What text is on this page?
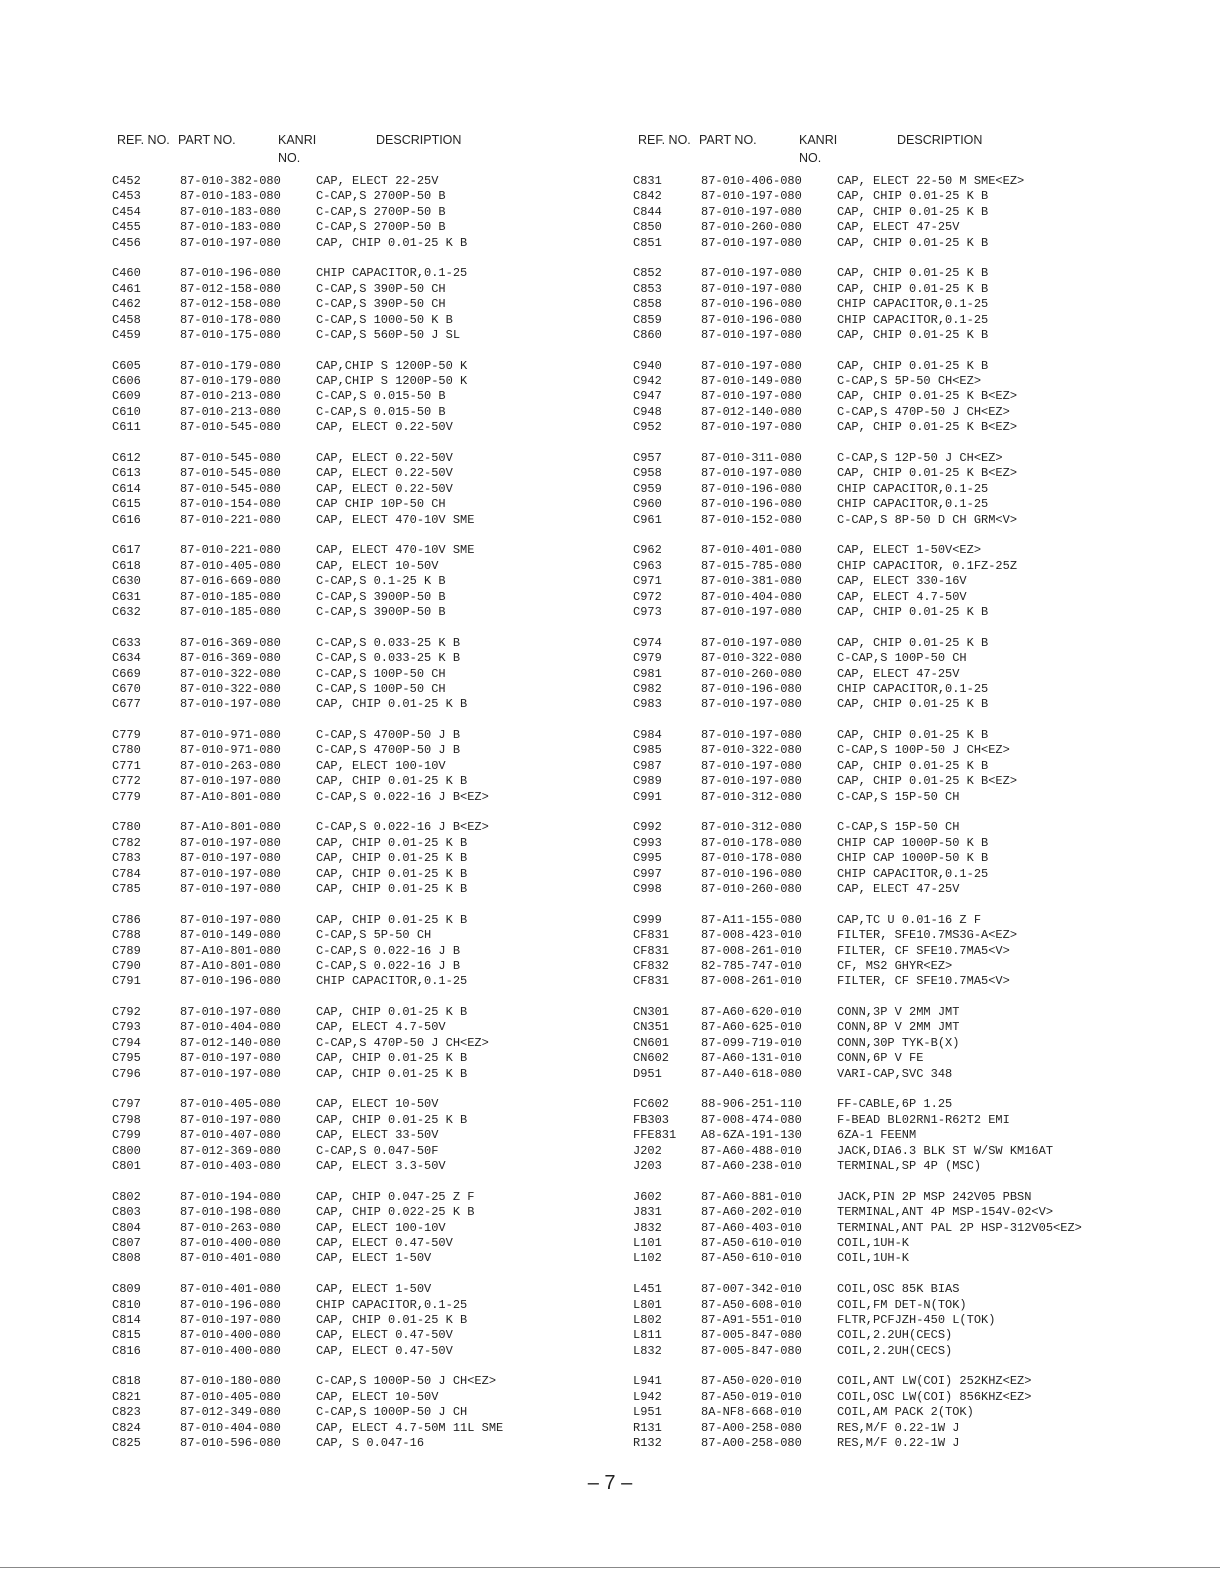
REF. NO. PART NO.	KANRI
NO.
DESCRIPTION
C452	87-010-382-080	CAP, ELECT 22-25V
C453	87-010-183-080	C-CAP,S 2700P-50 B
C454	87-010-183-080	C-CAP,S 2700P-50 B
C455	87-010-183-080	C-CAP,S 2700P-50 B
C456	87-010-197-080	CAP, CHIP 0.01-25 K B
C460	87-010-196-080	CHIP CAPACITOR,0.1-25
C461	87-012-158-080	C-CAP,S 390P-50 CH
C462	87-012-158-080	C-CAP,S 390P-50 CH
C458	87-010-178-080	C-CAP,S 1000-50 K B
C459	87-010-175-080	C-CAP,S 560P-50 J SL
C605	87-010-179-080	CAP,CHIP S 1200P-50 K
C606	87-010-179-080	CAP,CHIP S 1200P-50 K
C609	87-010-213-080	C-CAP,S 0.015-50 B
C610	87-010-213-080	C-CAP,S 0.015-50 B
C611	87-010-545-080	CAP, ELECT 0.22-50V
C612	87-010-545-080	CAP, ELECT 0.22-50V
C613	87-010-545-080	CAP, ELECT 0.22-50V
C614	87-010-545-080	CAP, ELECT 0.22-50V
C615	87-010-154-080	CAP CHIP 10P-50 CH
C616	87-010-221-080	CAP, ELECT 470-10V SME
C617	87-010-221-080	CAP, ELECT 470-10V SME
C618	87-010-405-080	CAP, ELECT 10-50V
C630	87-016-669-080	C-CAP,S 0.1-25 K B
C631	87-010-185-080	C-CAP,S 3900P-50 B
C632	87-010-185-080	C-CAP,S 3900P-50 B
C633	87-016-369-080	C-CAP,S 0.033-25 K B
C634	87-016-369-080	C-CAP,S 0.033-25 K B
C669	87-010-322-080	C-CAP,S 100P-50 CH
C670	87-010-322-080	C-CAP,S 100P-50 CH
C677	87-010-197-080	CAP, CHIP 0.01-25 K B
C779	87-010-971-080	C-CAP,S 4700P-50 J B
C780	87-010-971-080	C-CAP,S 4700P-50 J B
C771	87-010-263-080	CAP, ELECT 100-10V
C772	87-010-197-080	CAP, CHIP 0.01-25 K B
C779	87-A10-801-080	C-CAP,S 0.022-16 J B<EZ>
C780	87-A10-801-080	C-CAP,S 0.022-16 J B<EZ>
C782	87-010-197-080	CAP, CHIP 0.01-25 K B
C783	87-010-197-080	CAP, CHIP 0.01-25 K B
C784	87-010-197-080	CAP, CHIP 0.01-25 K B
C785	87-010-197-080	CAP, CHIP 0.01-25 K B
C786	87-010-197-080	CAP, CHIP 0.01-25 K B
C788	87-010-149-080	C-CAP,S 5P-50 CH
C789	87-A10-801-080	C-CAP,S 0.022-16 J B
C790	87-A10-801-080	C-CAP,S 0.022-16 J B
C791	87-010-196-080	CHIP CAPACITOR,0.1-25
C792	87-010-197-080	CAP, CHIP 0.01-25 K B
C793	87-010-404-080	CAP, ELECT 4.7-50V
C794	87-012-140-080	C-CAP,S 470P-50 J CH<EZ>
C795	87-010-197-080	CAP, CHIP 0.01-25 K B
C796	87-010-197-080	CAP, CHIP 0.01-25 K B
C797	87-010-405-080	CAP, ELECT 10-50V
C798	87-010-197-080	CAP, CHIP 0.01-25 K B
C799	87-010-407-080	CAP, ELECT 33-50V
C800	87-012-369-080	C-CAP,S 0.047-50F
C801	87-010-403-080	CAP, ELECT 3.3-50V
C802	87-010-194-080	CAP, CHIP 0.047-25 Z F
C803	87-010-198-080	CAP, CHIP 0.022-25 K B
C804	87-010-263-080	CAP, ELECT 100-10V
C807	87-010-400-080	CAP, ELECT 0.47-50V
C808	87-010-401-080	CAP, ELECT 1-50V
C809	87-010-401-080	CAP, ELECT 1-50V
C810	87-010-196-080	CHIP CAPACITOR,0.1-25
C814	87-010-197-080	CAP, CHIP 0.01-25 K B
C815	87-010-400-080	CAP, ELECT 0.47-50V
C816	87-010-400-080	CAP, ELECT 0.47-50V
C818	87-010-180-080	C-CAP,S 1000P-50 J CH<EZ>
C821	87-010-405-080	CAP, ELECT 10-50V
C823	87-012-349-080	C-CAP,S 1000P-50 J CH
C824	87-010-404-080	CAP, ELECT 4.7-50M 11L SME
C825	87-010-596-080	CAP, S 0.047-16
REF. NO. PART NO.	KANRI
NO.
DESCRIPTION
C831	87-010-406-080	CAP, ELECT 22-50 M SME<EZ>
C842	87-010-197-080	CAP, CHIP 0.01-25 K B
C844	87-010-197-080	CAP, CHIP 0.01-25 K B
C850	87-010-260-080	CAP, ELECT 47-25V
C851	87-010-197-080	CAP, CHIP 0.01-25 K B
C852	87-010-197-080	CAP, CHIP 0.01-25 K B
C853	87-010-197-080	CAP, CHIP 0.01-25 K B
C858	87-010-196-080	CHIP CAPACITOR,0.1-25
C859	87-010-196-080	CHIP CAPACITOR,0.1-25
C860	87-010-197-080	CAP, CHIP 0.01-25 K B
C940	87-010-197-080	CAP, CHIP 0.01-25 K B
C942	87-010-149-080	C-CAP,S 5P-50 CH<EZ>
C947	87-010-197-080	CAP, CHIP 0.01-25 K B<EZ>
C948	87-012-140-080	C-CAP,S 470P-50 J CH<EZ>
C952	87-010-197-080	CAP, CHIP 0.01-25 K B<EZ>
C957	87-010-311-080	C-CAP,S 12P-50 J CH<EZ>
C958	87-010-197-080	CAP, CHIP 0.01-25 K B<EZ>
C959	87-010-196-080	CHIP CAPACITOR,0.1-25
C960	87-010-196-080	CHIP CAPACITOR,0.1-25
C961	87-010-152-080	C-CAP,S 8P-50 D CH GRM<V>
C962	87-010-401-080	CAP, ELECT 1-50V<EZ>
C963	87-015-785-080	CHIP CAPACITOR, 0.1FZ-25Z
C971	87-010-381-080	CAP, ELECT 330-16V
C972	87-010-404-080	CAP, ELECT 4.7-50V
C973	87-010-197-080	CAP, CHIP 0.01-25 K B
C974	87-010-197-080	CAP, CHIP 0.01-25 K B
C979	87-010-322-080	C-CAP,S 100P-50 CH
C981	87-010-260-080	CAP, ELECT 47-25V
C982	87-010-196-080	CHIP CAPACITOR,0.1-25
C983	87-010-197-080	CAP, CHIP 0.01-25 K B
C984	87-010-197-080	CAP, CHIP 0.01-25 K B
C985	87-010-322-080	C-CAP,S 100P-50 J CH<EZ>
C987	87-010-197-080	CAP, CHIP 0.01-25 K B
C989	87-010-197-080	CAP, CHIP 0.01-25 K B<EZ>
C991	87-010-312-080	C-CAP,S 15P-50 CH
C992	87-010-312-080	C-CAP,S 15P-50 CH
C993	87-010-178-080	CHIP CAP 1000P-50 K B
C995	87-010-178-080	CHIP CAP 1000P-50 K B
C997	87-010-196-080	CHIP CAPACITOR,0.1-25
C998	87-010-260-080	CAP, ELECT 47-25V
C999	87-A11-155-080	CAP,TC U 0.01-16 Z F
CF831	87-008-423-010	FILTER, SFE10.7MS3G-A<EZ>
CF831	87-008-261-010	FILTER, CF SFE10.7MA5<V>
CF832	82-785-747-010	CF, MS2 GHYR<EZ>
CF831	87-008-261-010	FILTER, CF SFE10.7MA5<V>
CN301	87-A60-620-010	CONN,3P V 2MM JMT
CN351	87-A60-625-010	CONN,8P V 2MM JMT
CN601	87-099-719-010	CONN,30P TYK-B(X)
CN602	87-A60-131-010	CONN,6P V FE
D951	87-A40-618-080	VARI-CAP,SVC 348
FC602	88-906-251-110	FF-CABLE,6P 1.25
FB303	87-008-474-080	F-BEAD BL02RN1-R62T2 EMI
FFE831 A8-6ZA-191-130	6ZA-1 FEENM
J202	87-A60-488-010	JACK,DIA6.3 BLK ST W/SW KM16AT
J203	87-A60-238-010	TERMINAL,SP 4P (MSC)
J602	87-A60-881-010	JACK,PIN 2P MSP 242V05 PBSN
J831	87-A60-202-010	TERMINAL,ANT 4P MSP-154V-02<V>
J832	87-A60-403-010	TERMINAL,ANT PAL 2P HSP-312V05<EZ>
L101	87-A50-610-010	COIL,1UH-K
L102	87-A50-610-010	COIL,1UH-K
L451	87-007-342-010	COIL,OSC 85K BIAS
L801	87-A50-608-010	COIL,FM DET-N(TOK)
L802	87-A91-551-010	FLTR,PCFJZH-450 L(TOK)
L811	87-005-847-080	COIL,2.2UH(CECS)
L832	87-005-847-080	COIL,2.2UH(CECS)
L941	87-A50-020-010	COIL,ANT LW(COI) 252KHZ<EZ>
L942	87-A50-019-010	COIL,OSC LW(COI) 856KHZ<EZ>
L951	8A-NF8-668-010	COIL,AM PACK 2(TOK)
R131	87-A00-258-080	RES,M/F 0.22-1W J
R132	87-A00-258-080	RES,M/F 0.22-1W J
– 7 –
